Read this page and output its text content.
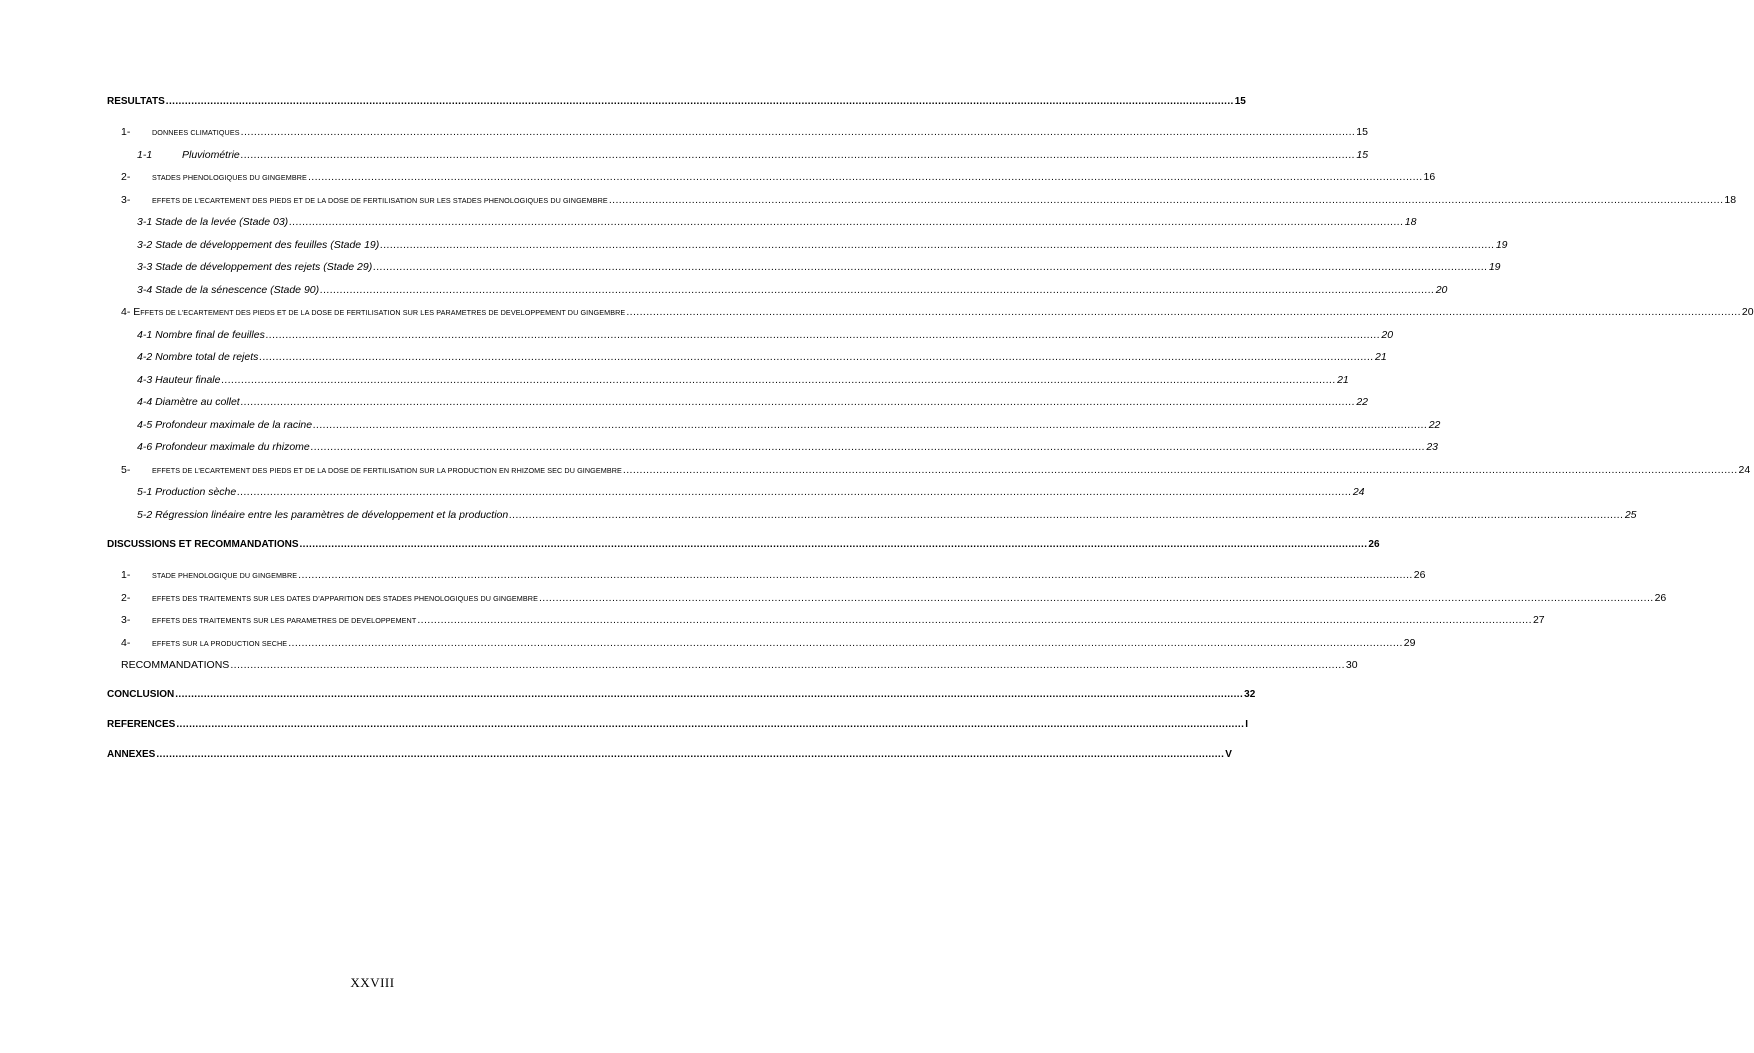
RESULTATS .....	15
1-	DONNEES CLIMATIQUES .....	15
1-1	Pluviométrie .....	15
2-	STADES PHENOLOGIQUES DU GINGEMBRE .....	16
3-	EFFETS DE L’ECARTEMENT DES PIEDS ET DE LA DOSE DE FERTILISATION SUR LES STADES PHENOLOGIQUES DU GINGEMBRE .....	18
3-1 Stade de la levée (Stade 03) .....	18
3-2 Stade de développement des feuilles (Stade 19) .....	19
3-3 Stade de développement des rejets (Stade 29) .....	19
3-4 Stade de la sénescence (Stade 90) .....	20
4- E FFETS DE L’ECARTEMENT DES PIEDS ET DE LA DOSE DE FERTILISATION SUR LES PARAMETRES DE DEVELOPPEMENT DU GINGEMBRE .....	20
4-1 Nombre final de feuilles .....	20
4-2 Nombre total de rejets .....	21
4-3 Hauteur finale .....	21
4-4 Diamètre au collet .....	22
4-5 Profondeur maximale de la racine .....	22
4-6 Profondeur maximale du rhizome .....	23
5-	EFFETS DE L’ECARTEMENT DES PIEDS ET DE LA DOSE DE FERTILISATION SUR LA PRODUCTION EN RHIZOME SEC DU GINGEMBRE .....	24
5-1 Production sèche .....	24
5-2 Régression linéaire entre les paramètres de développement et la production .....	25
DISCUSSIONS ET RECOMMANDATIONS .....	26
1-	STADE PHENOLOGIQUE DU GINGEMBRE .....	26
2-	EFFETS DES TRAITEMENTS SUR LES DATES D’APPARITION DES STADES PHENOLOGIQUES DU GINGEMBRE .....	26
3-	EFFETS DES TRAITEMENTS SUR LES PARAMETRES DE DEVELOPPEMENT .....	27
4-	EFFETS SUR LA PRODUCTION SECHE .....	29
RECOMMANDATIONS .....	30
CONCLUSION .....	32
REFERENCES .....	I
ANNEXES .....	V
XXVIII
